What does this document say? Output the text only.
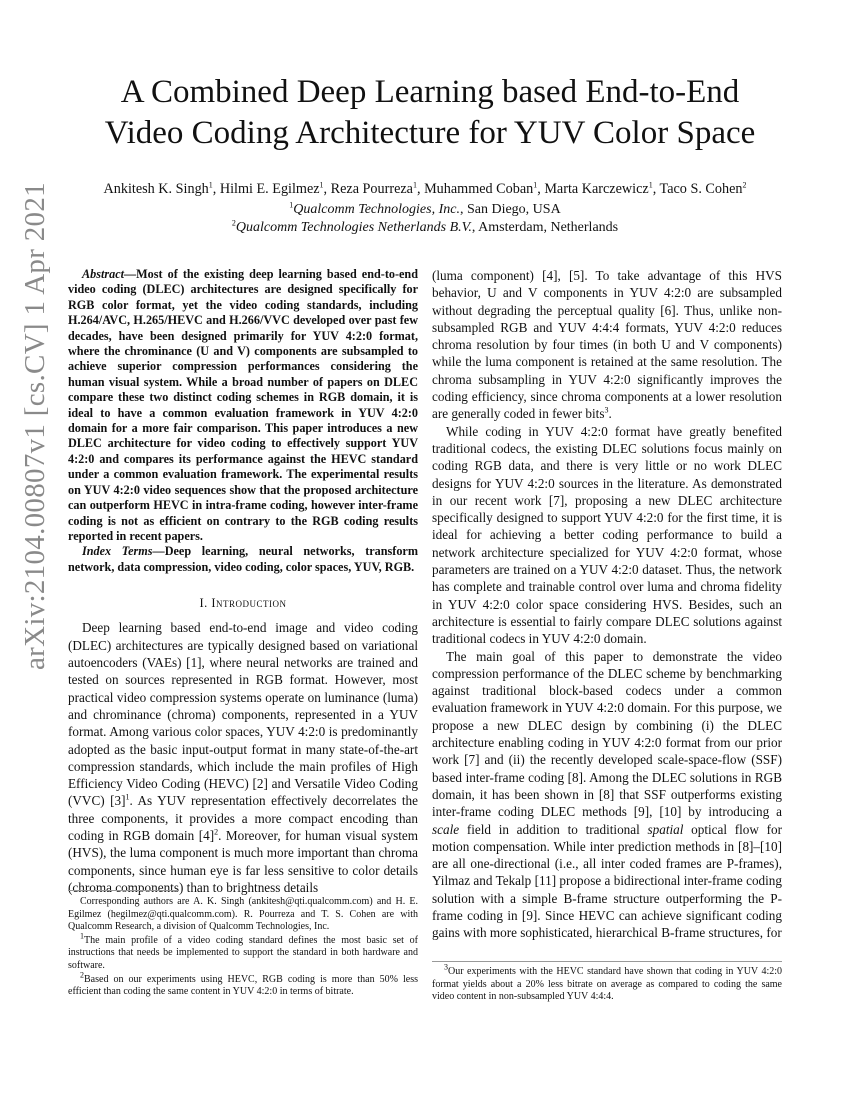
arXiv:2104.00807v1 [cs.CV] 1 Apr 2021
A Combined Deep Learning based End-to-End
Video Coding Architecture for YUV Color Space
Ankitesh K. Singh$^1$, Hilmi E. Egilmez$^1$, Reza Pourreza$^1$, Muhammed Coban$^1$, Marta Karczewicz$^1$, Taco S. Cohen$^2$
$^1$Qualcomm Technologies, Inc., San Diego, USA
$^2$Qualcomm Technologies Netherlands B.V., Amsterdam, Netherlands

Abstract—Most of the existing deep learning based end-to-end video coding (DLEC) architectures are designed specifically for RGB color format, yet the video coding standards, including H.264/AVC, H.265/HEVC and H.266/VVC developed over past few decades, have been designed primarily for YUV 4:2:0 format, where the chrominance (U and V) components are subsampled to achieve superior compression performances considering the human visual system. While a broad number of papers on DLEC compare these two distinct coding schemes in RGB domain, it is ideal to have a common evaluation framework in YUV 4:2:0 domain for a more fair comparison. This paper introduces a new DLEC architecture for video coding to effectively support YUV 4:2:0 and compares its performance against the HEVC standard under a common evaluation framework. The experimental results on YUV 4:2:0 video sequences show that the proposed architecture can outperform HEVC in intra-frame coding, however inter-frame coding is not as efficient on contrary to the RGB coding results reported in recent papers.

Index Terms—Deep learning, neural networks, transform network, data compression, video coding, color spaces, YUV, RGB.

I. Introduction

Deep learning based end-to-end image and video coding (DLEC) architectures are typically designed based on variational autoencoders (VAEs) [1], where neural networks are trained and tested on sources represented in RGB format. However, most practical video compression systems operate on luminance (luma) and chrominance (chroma) components, represented in a YUV format. Among various color spaces, YUV 4:2:0 is predominantly adopted as the basic input-output format in many state-of-the-art compression standards, which include the main profiles of High Efficiency Video Coding (HEVC) [2] and Versatile Video Coding (VVC) $[3]^1$. As YUV representation effectively decorrelates the three components, it provides a more compact encoding than coding in RGB domain $[4]^2$. Moreover, for human visual system (HVS), the luma component is much more important than chroma components, since human eye is far less sensitive to color details (chroma components) than to brightness details

Corresponding authors are A. K. Singh (ankitesh@qti.qualcomm.com) and H. E. Egilmez (hegilmez@qti.qualcomm.com). R. Pourreza and T. S. Cohen are with Qualcomm Research, a division of Qualcomm Technologies, Inc.

$^1$The main profile of a video coding standard defines the most basic set of instructions that needs be implemented to support the standard in both hardware and software.

$^2$Based on our experiments using HEVC, RGB coding is more than 50% less efficient than coding the same content in YUV 4:2:0 in terms of bitrate.

(luma component) [4], [5]. To take advantage of this HVS behavior, U and V components in YUV 4:2:0 are subsampled without degrading the perceptual quality [6]. Thus, unlike non-subsampled RGB and YUV 4:4:4 formats, YUV 4:2:0 reduces chroma resolution by four times (in both U and V components) while the luma component is retained at the same resolution. The chroma subsampling in YUV 4:2:0 significantly improves the coding efficiency, since chroma components at a lower resolution are generally coded in fewer bits$^3$.

While coding in YUV 4:2:0 format have greatly benefited traditional codecs, the existing DLEC solutions focus mainly on coding RGB data, and there is very little or no work DLEC designs for YUV 4:2:0 sources in the literature. As demonstrated in our recent work [7], proposing a new DLEC architecture specifically designed to support YUV 4:2:0 for the first time, it is ideal for achieving a better coding performance to build a network architecture specialized for YUV 4:2:0 format, whose parameters are trained on a YUV 4:2:0 dataset. Thus, the network has complete and trainable control over luma and chroma fidelity in YUV 4:2:0 color space considering HVS. Besides, such an architecture is essential to fairly compare DLEC solutions against traditional codecs in YUV 4:2:0 domain.

The main goal of this paper to demonstrate the video compression performance of the DLEC scheme by benchmarking against traditional block-based codecs under a common evaluation framework in YUV 4:2:0 domain. For this purpose, we propose a new DLEC design by combining (i) the DLEC architecture enabling coding in YUV 4:2:0 format from our prior work [7] and (ii) the recently developed scale-space-flow (SSF) based inter-frame coding [8]. Among the DLEC solutions in RGB domain, it has been shown in [8] that SSF outperforms existing inter-frame coding DLEC methods [9], [10] by introducing a scale field in addition to traditional spatial optical flow for motion compensation. While inter prediction methods in [8]–[10] are all one-directional (i.e., all inter coded frames are P-frames), Yilmaz and Tekalp [11] propose a bidirectional inter-frame coding solution with a simple B-frame structure outperforming the P-frame coding in [9]. Since HEVC can achieve significant coding gains with more sophisticated, hierarchical B-frame structures, for

$^3$Our experiments with the HEVC standard have shown that coding in YUV 4:2:0 format yields about a 20% less bitrate on average as compared to coding the same video content in non-subsampled YUV 4:4:4.
